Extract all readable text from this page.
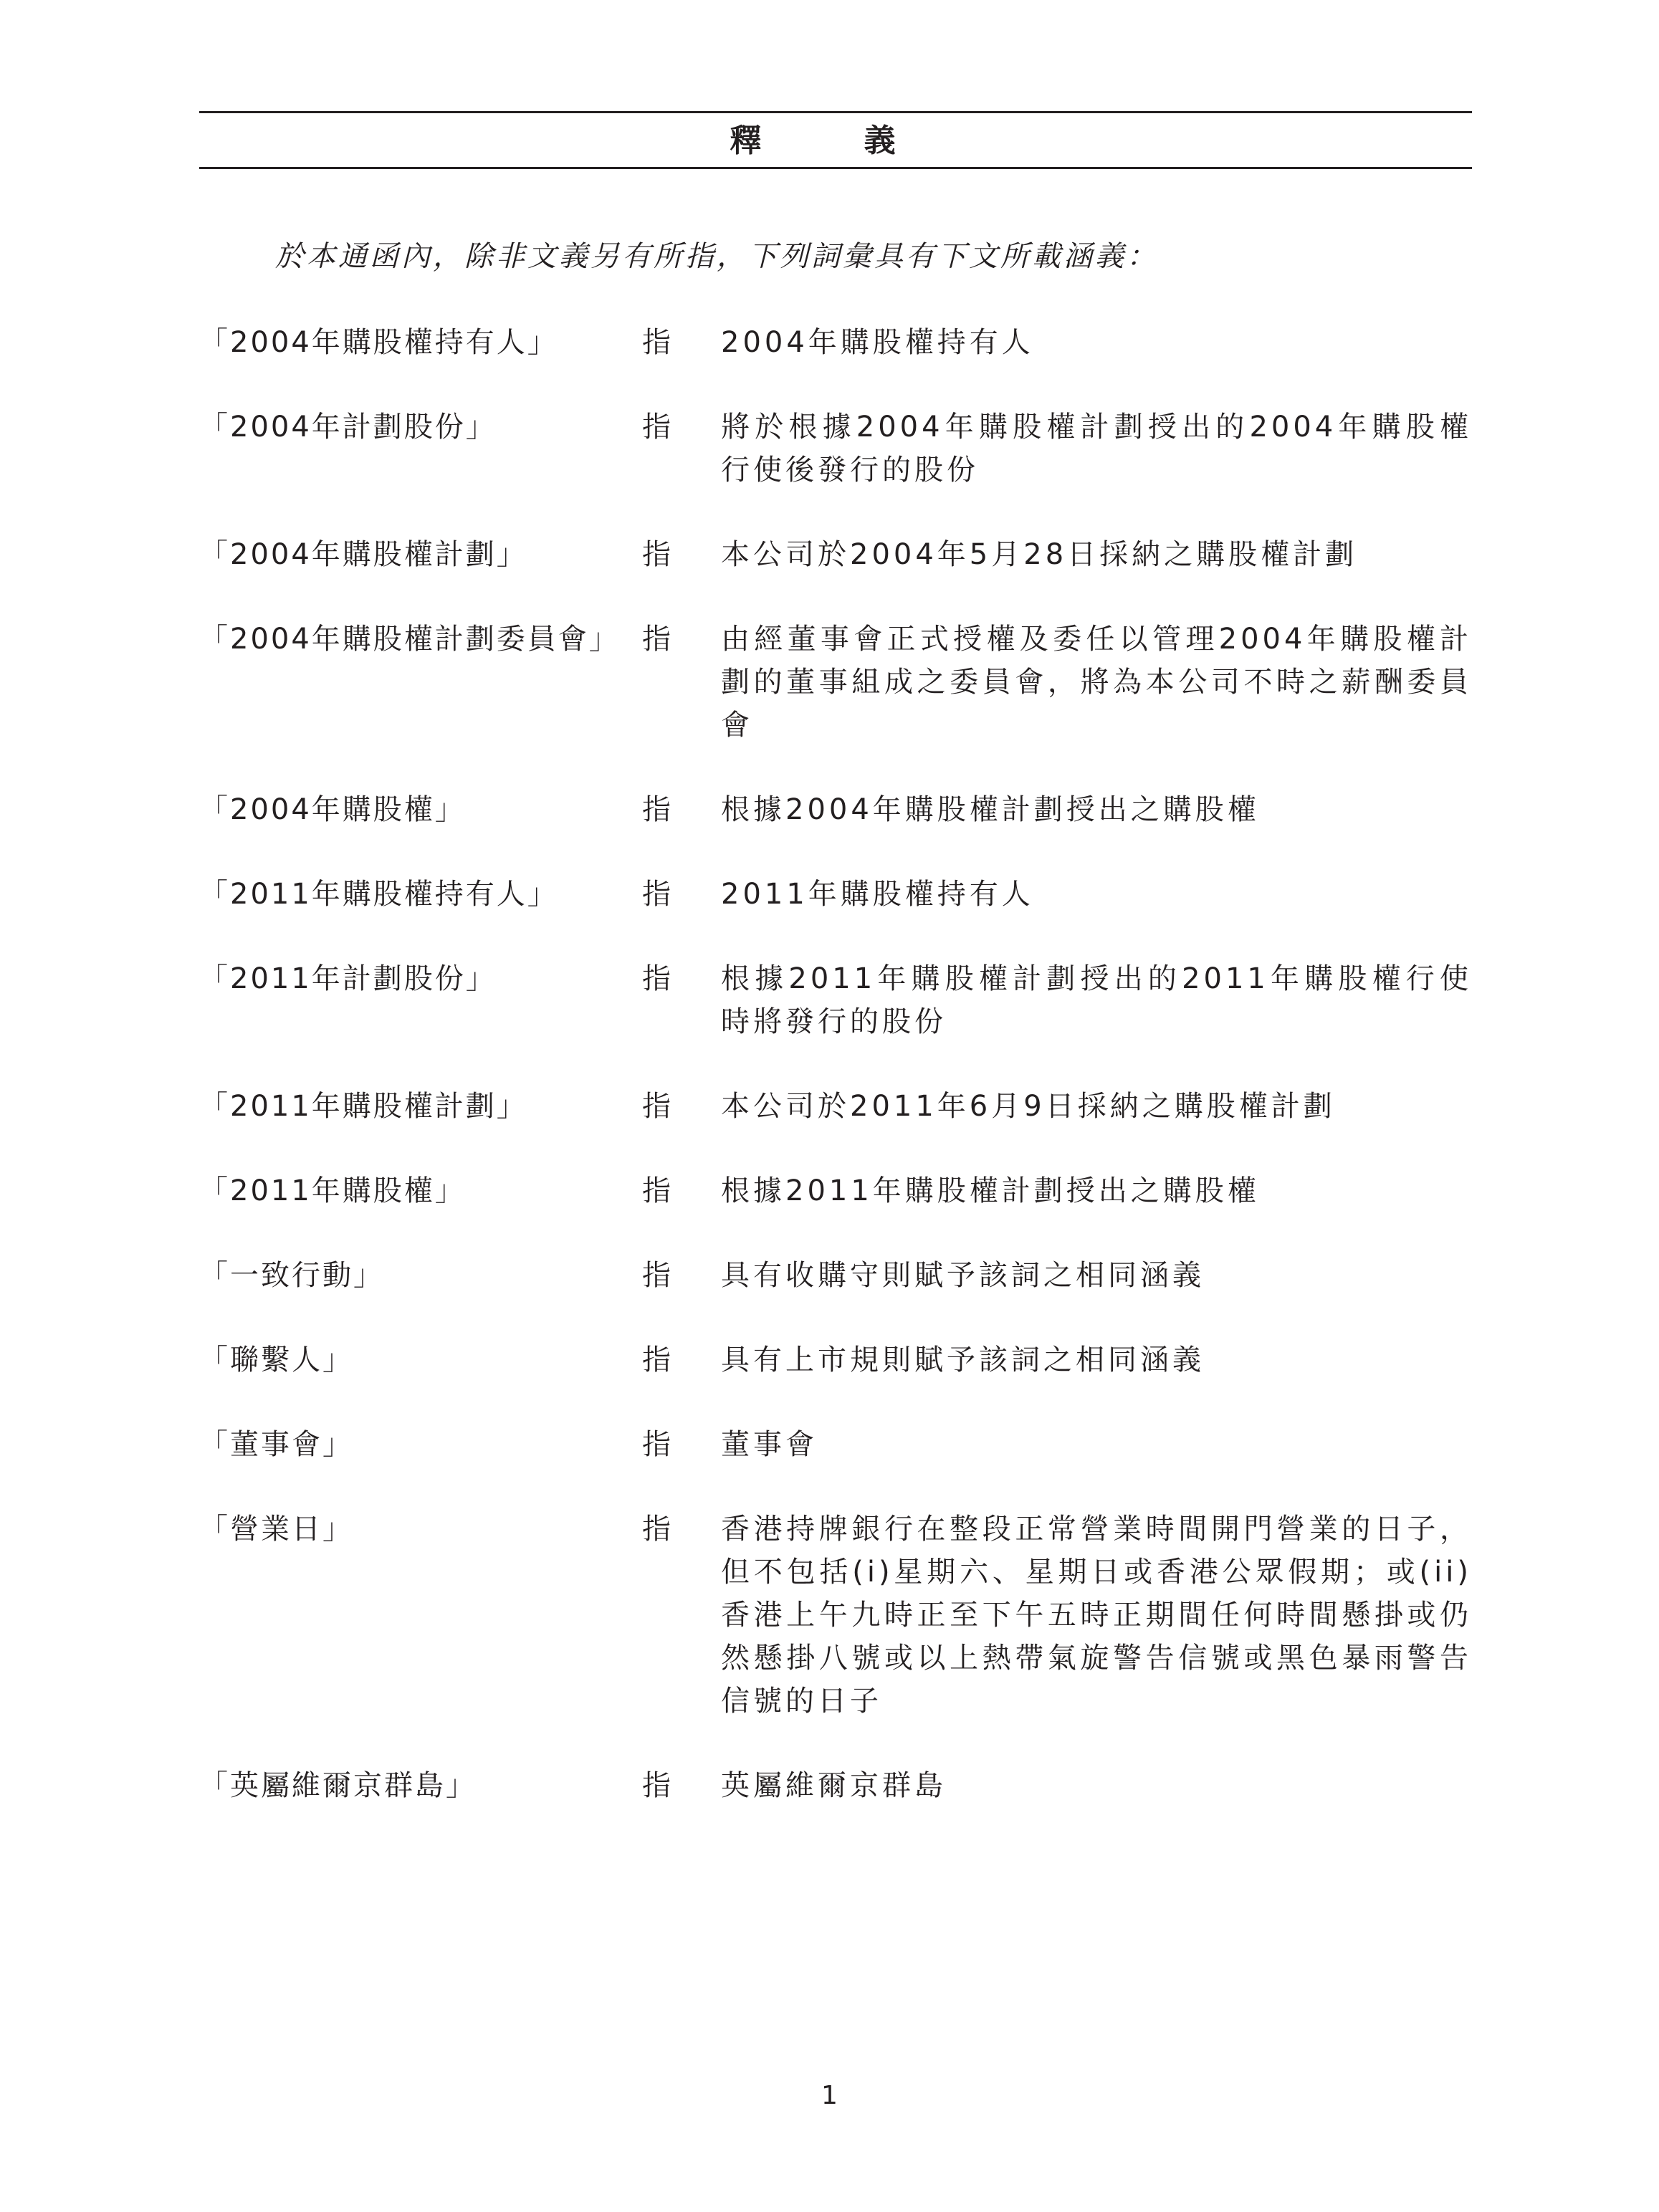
釋 義
於本通函內，除非文義另有所指，下列詞彙具有下文所載涵義：
「2004年購股權持有人」	指 2004年購股權持有人
「2004年計劃股份」	指 將於根據2004年購股權計劃授出的2004年購股權行使後發行的股份
「2004年購股權計劃」	指 本公司於2004年5月28日採納之購股權計劃
「2004年購股權計劃委員會」 指 由經董事會正式授權及委任以管理2004年購股權計劃的董事組成之委員會，將為本公司不時之薪酬委員會
「2004年購股權」	指 根據2004年購股權計劃授出之購股權
「2011年購股權持有人」	指 2011年購股權持有人
「2011年計劃股份」	指 根據2011年購股權計劃授出的2011年購股權行使時將發行的股份
「2011年購股權計劃」	指 本公司於2011年6月9日採納之購股權計劃
「2011年購股權」	指 根據2011年購股權計劃授出之購股權
「一致行動」	指 具有收購守則賦予該詞之相同涵義
「聯繫人」	指 具有上市規則賦予該詞之相同涵義
「董事會」	指 董事會
「營業日」	指 香港持牌銀行在整段正常營業時間開門營業的日子，但不包括(i)星期六、星期日或香港公眾假期；或(ii)香港上午九時正至下午五時正期間任何時間懸掛或仍然懸掛八號或以上熱帶氣旋警告信號或黑色暴雨警告信號的日子
「英屬維爾京群島」	指 英屬維爾京群島
1
